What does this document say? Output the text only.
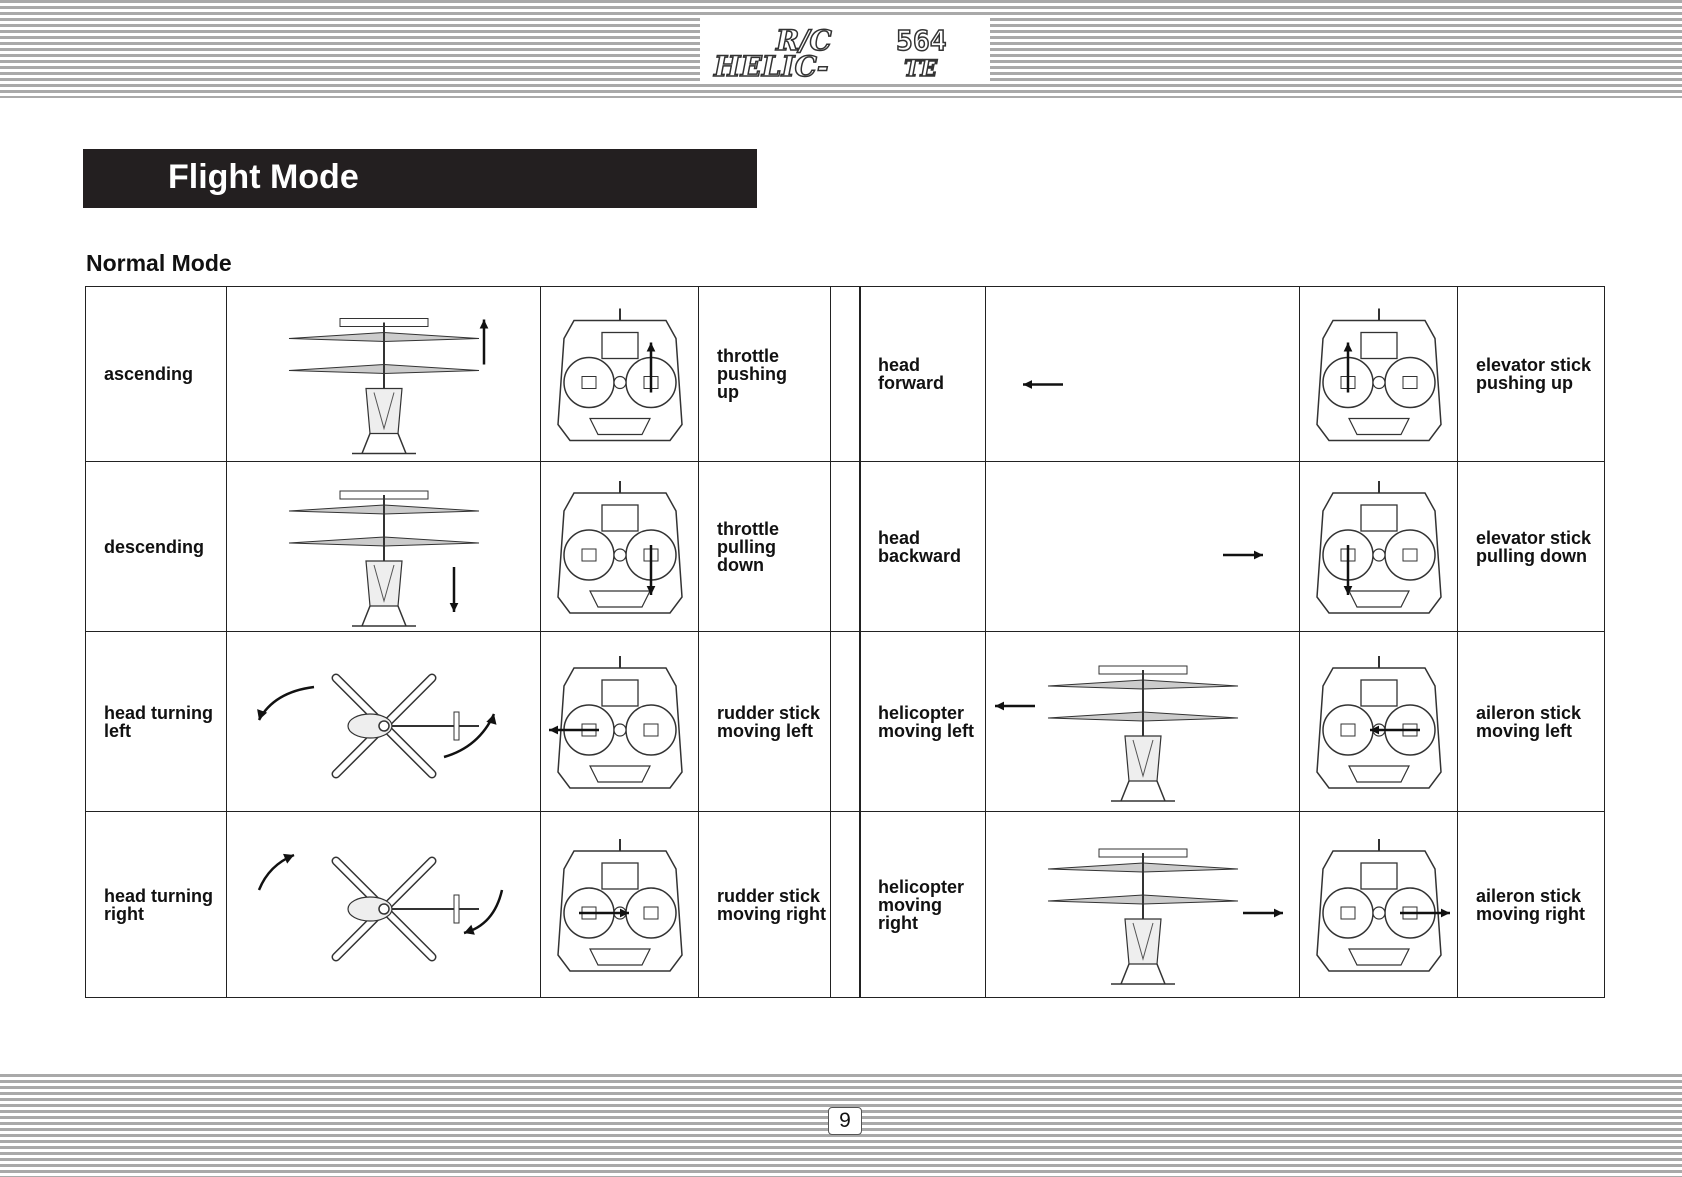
R/C
HELIC-
564
TE
Flight Mode
Normal Mode
ascending
throttle
pushing
up
descending
throttle
pulling
down
head turning
left
rudder stick
moving left
head turning
right
rudder stick
moving right
head forward
elevator stick
pushing up
head
backward
elevator stick
pulling down
helicopter
moving left
aileron stick
moving left
helicopter
moving right
aileron stick
moving right
9
